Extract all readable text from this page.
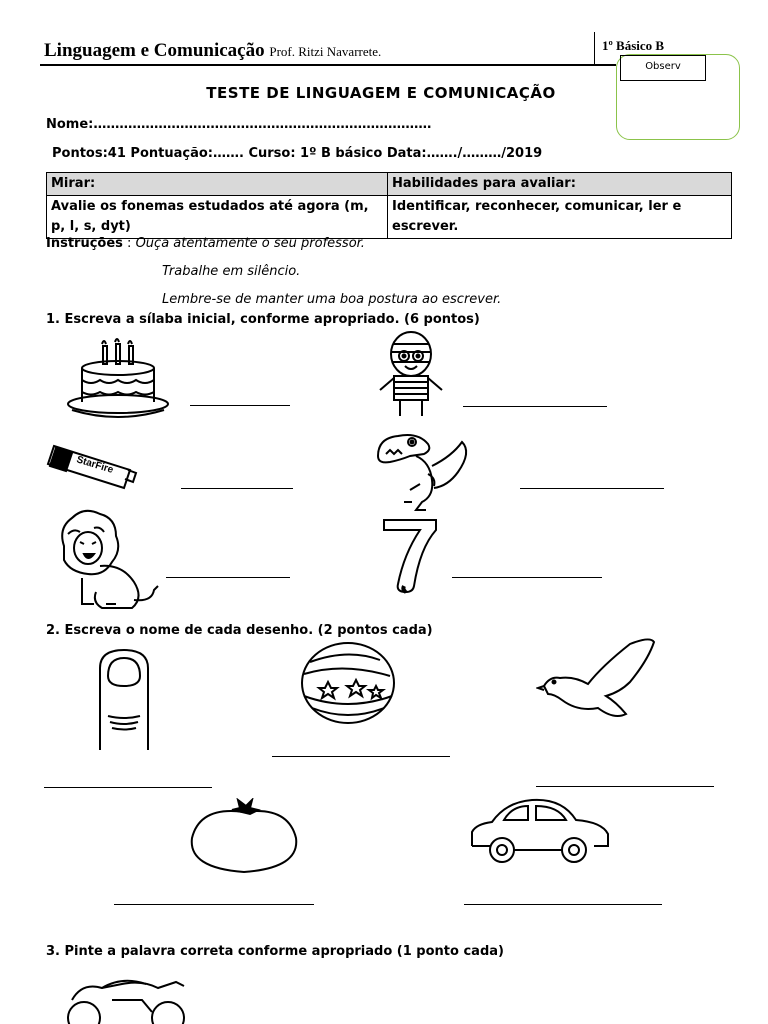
Linguagem e Comunicação Prof. Ritzi Navarrete.	1º Básico B
Observ
TESTE DE LINGUAGEM E COMUNICAÇÃO
Nome:……………………………………………………………………
Pontos:41 Pontuação:……. Curso: 1º B básico Data:……./………/2019
Mirar:	Habilidades para avaliar:
Avalie os fonemas estudados até agora (m, p, l, s, dyt)	Identificar, reconhecer, comunicar, ler e escrever.
Instruções : Ouça atentamente o seu professor.
Trabalhe em silêncio.
Lembre-se de manter uma boa postura ao escrever.
1. Escreva a sílaba inicial, conforme apropriado. (6 pontos)
StarFire
2. Escreva o nome de cada desenho. (2 pontos cada)
3. Pinte a palavra correta conforme apropriado (1 ponto cada)
